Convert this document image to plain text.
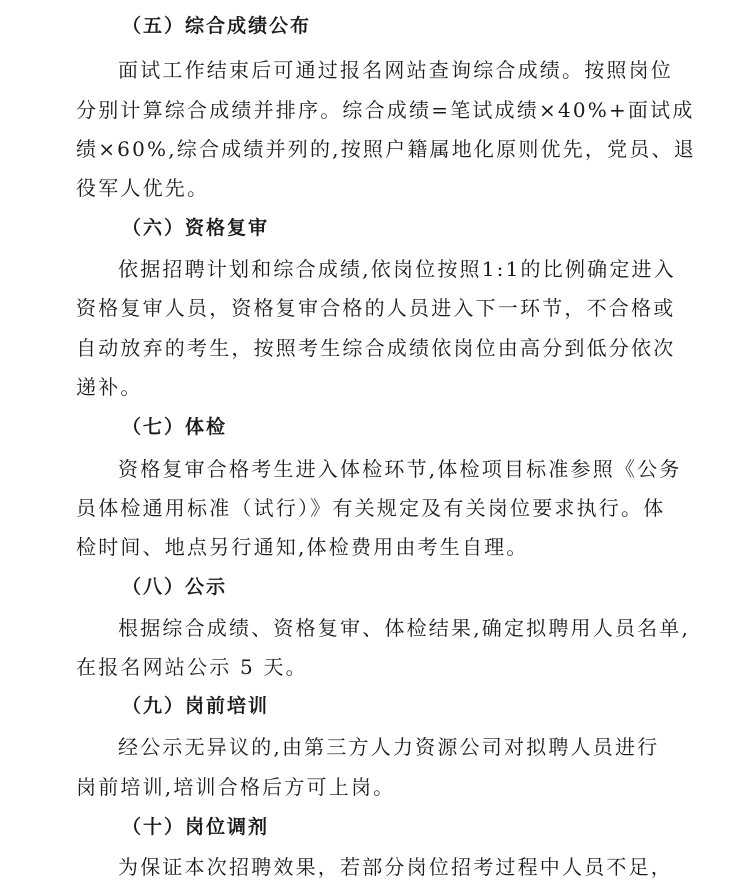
（五）综合成绩公布
面试工作结束后可通过报名网站查询综合成绩。按照岗位
分别计算综合成绩并排序。综合成绩=笔试成绩×40%+面试成
绩×60%,综合成绩并列的,按照户籍属地化原则优先，党员、退
役军人优先。
（六）资格复审
依据招聘计划和综合成绩,依岗位按照1:1的比例确定进入
资格复审人员，资格复审合格的人员进入下一环节，不合格或
自动放弃的考生，按照考生综合成绩依岗位由高分到低分依次
递补。
（七）体检
资格复审合格考生进入体检环节,体检项目标准参照《公务
员体检通用标准（试行）》有关规定及有关岗位要求执行。体
检时间、地点另行通知,体检费用由考生自理。
（八）公示
根据综合成绩、资格复审、体检结果,确定拟聘用人员名单,
在报名网站公示 5 天。
（九）岗前培训
经公示无异议的,由第三方人力资源公司对拟聘人员进行
岗前培训,培训合格后方可上岗。
（十）岗位调剂
为保证本次招聘效果，若部分岗位招考过程中人员不足，
